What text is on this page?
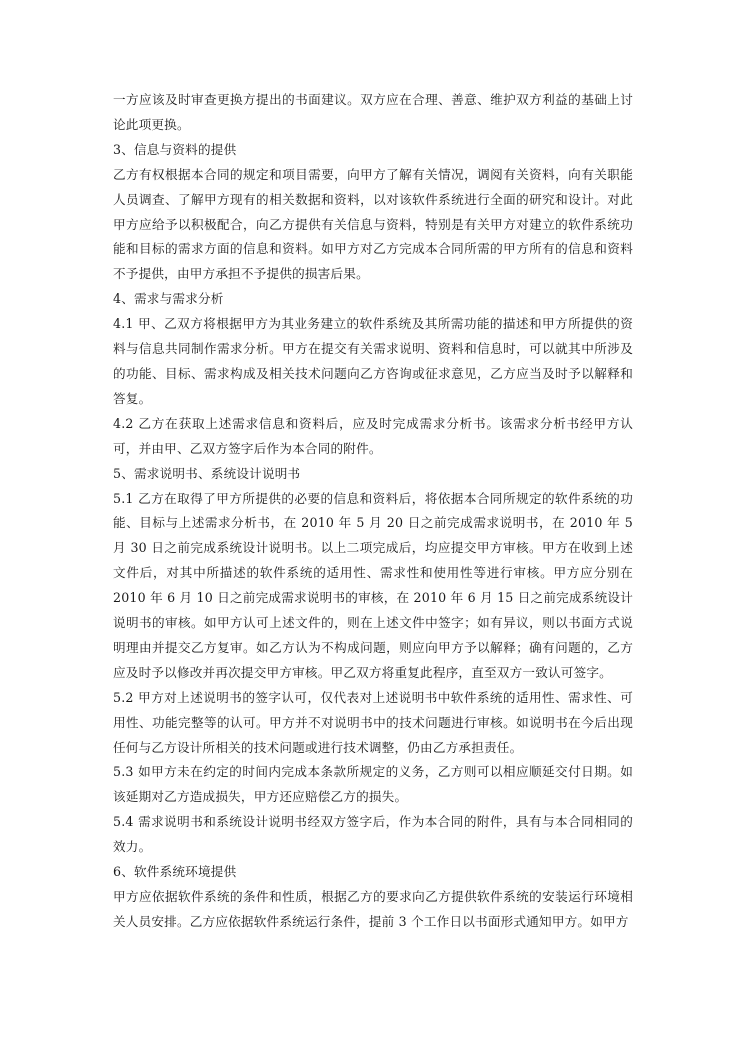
一方应该及时审查更换方提出的书面建议。双方应在合理、善意、维护双方利益的基础上讨论此项更换。

3、信息与资料的提供

乙方有权根据本合同的规定和项目需要，向甲方了解有关情况，调阅有关资料，向有关职能人员调查、了解甲方现有的相关数据和资料，以对该软件系统进行全面的研究和设计。对此甲方应给予以积极配合，向乙方提供有关信息与资料，特别是有关甲方对建立的软件系统功能和目标的需求方面的信息和资料。如甲方对乙方完成本合同所需的甲方所有的信息和资料不予提供，由甲方承担不予提供的损害后果。

4、需求与需求分析

4.1 甲、乙双方将根据甲方为其业务建立的软件系统及其所需功能的描述和甲方所提供的资料与信息共同制作需求分析。甲方在提交有关需求说明、资料和信息时，可以就其中所涉及的功能、目标、需求构成及相关技术问题向乙方咨询或征求意见，乙方应当及时予以解释和答复。

4.2 乙方在获取上述需求信息和资料后，应及时完成需求分析书。该需求分析书经甲方认可，并由甲、乙双方签字后作为本合同的附件。

5、需求说明书、系统设计说明书

5.1 乙方在取得了甲方所提供的必要的信息和资料后，将依据本合同所规定的软件系统的功能、目标与上述需求分析书，在 2010 年 5 月 20 日之前完成需求说明书，在 2010 年 5 月 30 日之前完成系统设计说明书。以上二项完成后，均应提交甲方审核。甲方在收到上述文件后，对其中所描述的软件系统的适用性、需求性和使用性等进行审核。甲方应分别在 2010 年 6 月 10 日之前完成需求说明书的审核，在 2010 年 6 月 15 日之前完成系统设计说明书的审核。如甲方认可上述文件的，则在上述文件中签字；如有异议，则以书面方式说明理由并提交乙方复审。如乙方认为不构成问题，则应向甲方予以解释；确有问题的，乙方应及时予以修改并再次提交甲方审核。甲乙双方将重复此程序，直至双方一致认可签字。

5.2 甲方对上述说明书的签字认可，仅代表对上述说明书中软件系统的适用性、需求性、可用性、功能完整等的认可。甲方并不对说明书中的技术问题进行审核。如说明书在今后出现任何与乙方设计所相关的技术问题或进行技术调整，仍由乙方承担责任。

5.3 如甲方未在约定的时间内完成本条款所规定的义务，乙方则可以相应顺延交付日期。如该延期对乙方造成损失，甲方还应赔偿乙方的损失。

5.4 需求说明书和系统设计说明书经双方签字后，作为本合同的附件，具有与本合同相同的效力。

6、软件系统环境提供

甲方应依据软件系统的条件和性质，根据乙方的要求向乙方提供软件系统的安装运行环境相关人员安排。乙方应依据软件系统运行条件，提前 3 个工作日以书面形式通知甲方。如甲方
